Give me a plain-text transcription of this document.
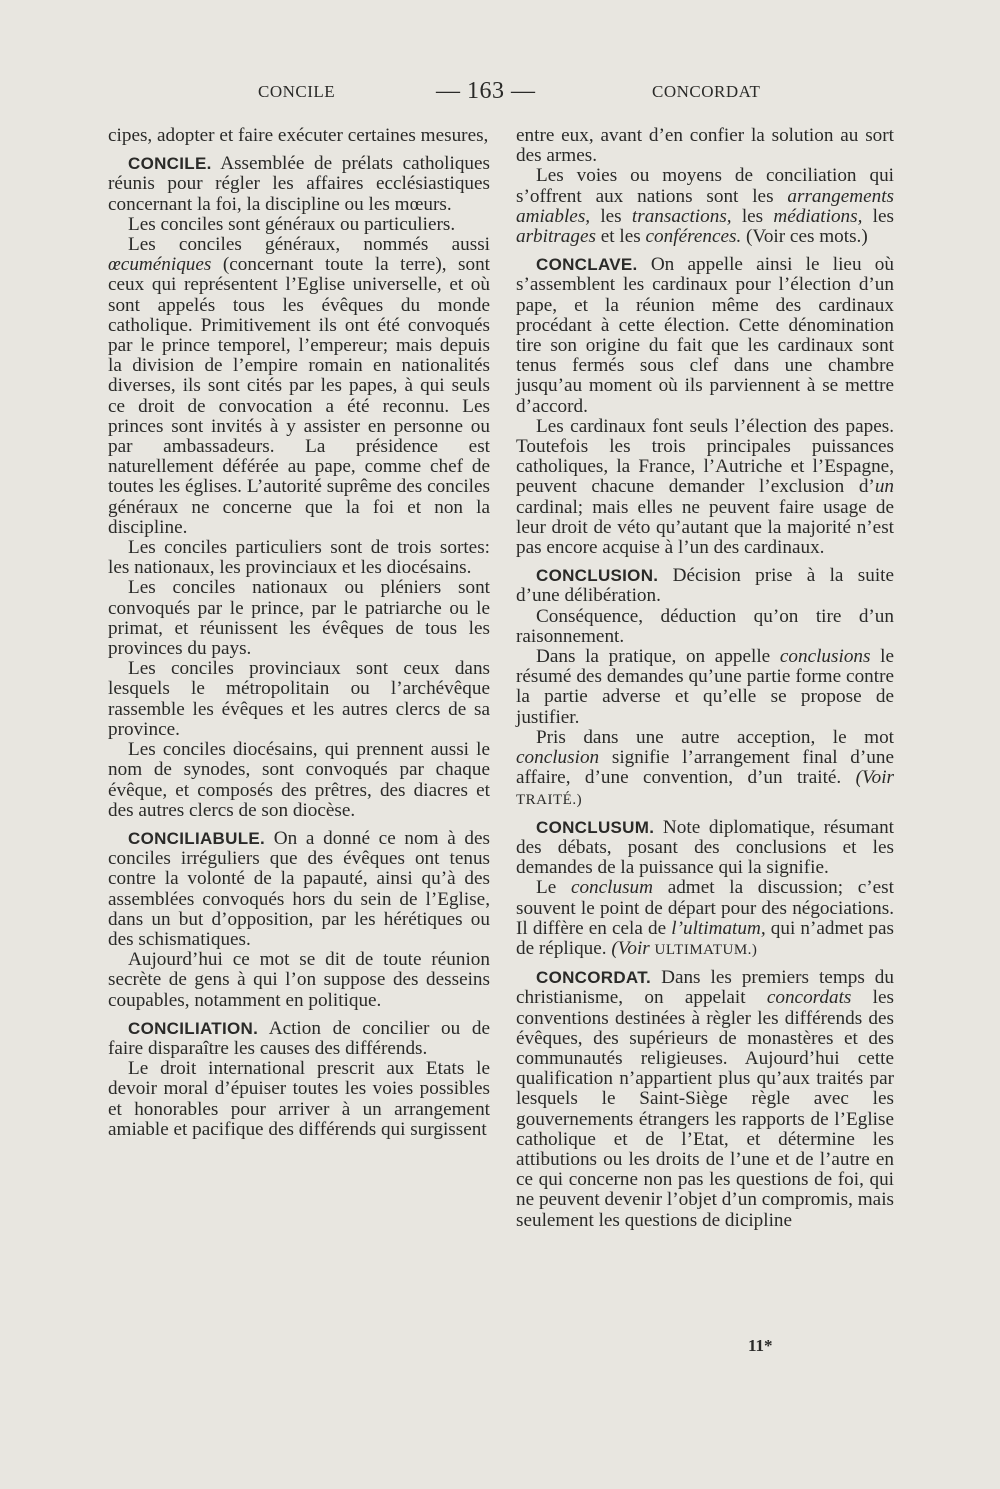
CONCILE	— 163 —	CONCORDAT

cipes, adopter et faire exécuter certaines mesures,

CONCILE. Assemblée de prélats catholiques réunis pour régler les affaires ecclésiastiques concernant la foi, la discipline ou les mœurs.

Les conciles sont généraux ou particuliers.

Les conciles généraux, nommés aussi œcuméniques (concernant toute la terre), sont ceux qui représentent l’Eglise universelle, et où sont appelés tous les évêques du monde catholique. Primitivement ils ont été convoqués par le prince temporel, l’empereur; mais depuis la division de l’empire romain en nationalités diverses, ils sont cités par les papes, à qui seuls ce droit de convocation a été reconnu. Les princes sont invités à y assister en personne ou par ambassadeurs. La présidence est naturellement déférée au pape, comme chef de toutes les églises. L’autorité suprême des conciles généraux ne concerne que la foi et non la discipline.

Les conciles particuliers sont de trois sortes: les nationaux, les provinciaux et les diocésains.

Les conciles nationaux ou pléniers sont convoqués par le prince, par le patriarche ou le primat, et réunissent les évêques de tous les provinces du pays.

Les conciles provinciaux sont ceux dans lesquels le métropolitain ou l’archévêque rassemble les évêques et les autres clercs de sa province.

Les conciles diocésains, qui prennent aussi le nom de synodes, sont convoqués par chaque évêque, et composés des prêtres, des diacres et des autres clercs de son diocèse.

CONCILIABULE. On a donné ce nom à des conciles irréguliers que des évêques ont tenus contre la volonté de la papauté, ainsi qu’à des assemblées convoqués hors du sein de l’Eglise, dans un but d’opposition, par les hérétiques ou des schismatiques.

Aujourd’hui ce mot se dit de toute réunion secrète de gens à qui l’on suppose des desseins coupables, notamment en politique.

CONCILIATION. Action de concilier ou de faire disparaître les causes des différends.

Le droit international prescrit aux Etats le devoir moral d’épuiser toutes les voies possibles et honorables pour arriver à un arrangement amiable et pacifique des différends qui surgissent

entre eux, avant d’en confier la solution au sort des armes.

Les voies ou moyens de conciliation qui s’offrent aux nations sont les arrangements amiables, les transactions, les médiations, les arbitrages et les conférences. (Voir ces mots.)

CONCLAVE. On appelle ainsi le lieu où s’assemblent les cardinaux pour l’élection d’un pape, et la réunion même des cardinaux procédant à cette élection. Cette dénomination tire son origine du fait que les cardinaux sont tenus fermés sous clef dans une chambre jusqu’au moment où ils parviennent à se mettre d’accord.

Les cardinaux font seuls l’élection des papes. Toutefois les trois principales puissances catholiques, la France, l’Autriche et l’Espagne, peuvent chacune demander l’exclusion d’un cardinal; mais elles ne peuvent faire usage de leur droit de véto qu’autant que la majorité n’est pas encore acquise à l’un des cardinaux.

CONCLUSION. Décision prise à la suite d’une délibération.

Conséquence, déduction qu’on tire d’un raisonnement.

Dans la pratique, on appelle conclusions le résumé des demandes qu’une partie forme contre la partie adverse et qu’elle se propose de justifier.

Pris dans une autre acception, le mot conclusion signifie l’arrangement final d’une affaire, d’une convention, d’un traité. (Voir TRAITÉ.)

CONCLUSUM. Note diplomatique, résumant des débats, posant des conclusions et les demandes de la puissance qui la signifie.

Le conclusum admet la discussion; c’est souvent le point de départ pour des négociations. Il diffère en cela de l’ultimatum, qui n’admet pas de réplique. (Voir ULTIMATUM.)

CONCORDAT. Dans les premiers temps du christianisme, on appelait concordats les conventions destinées à règler les différends des évêques, des supérieurs de monastères et des communautés religieuses. Aujourd’hui cette qualification n’appartient plus qu’aux traités par lesquels le Saint-Siège règle avec les gouvernements étrangers les rapports de l’Eglise catholique et de l’Etat, et détermine les attibutions ou les droits de l’une et de l’autre en ce qui concerne non pas les questions de foi, qui ne peuvent devenir l’objet d’un compromis, mais seulement les questions de dicipline

11*
